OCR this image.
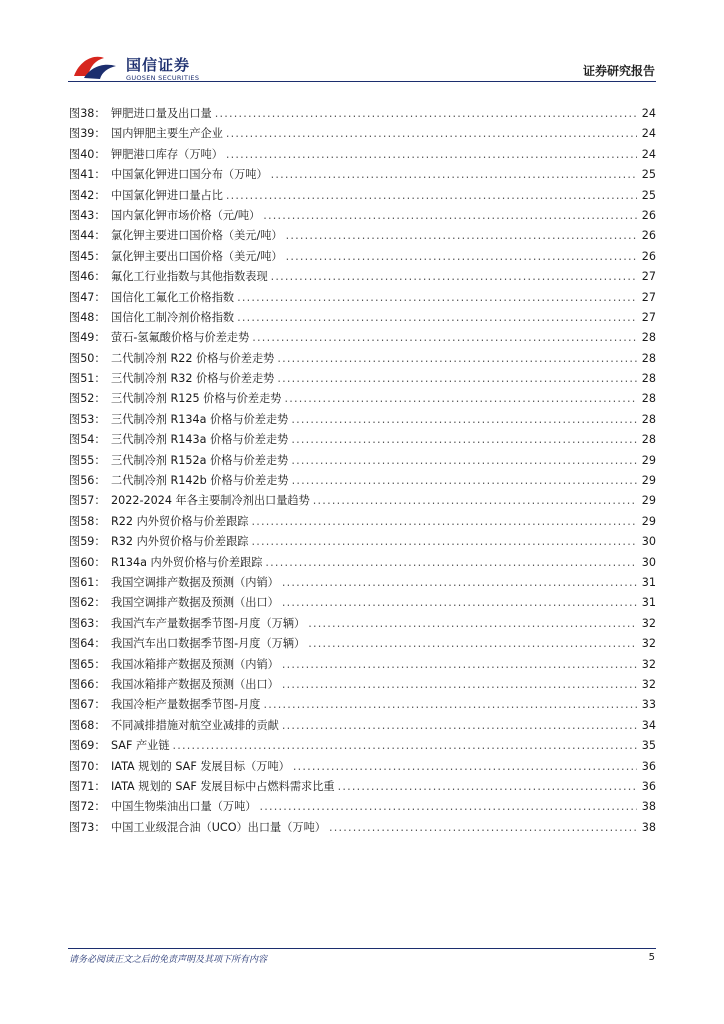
国信证券
GUOSEN SECURITIES	证券研究报告
图38： 钾肥进口量及出口量 .....	24
图39： 国内钾肥主要生产企业 .....	24
图40： 钾肥港口库存（万吨） .....	24
图41： 中国氯化钾进口国分布（万吨） .....	25
图42： 中国氯化钾进口量占比 .....	25
图43： 国内氯化钾市场价格（元/吨） .....	26
图44： 氯化钾主要进口国价格（美元/吨） .....	26
图45： 氯化钾主要出口国价格（美元/吨） .....	26
图46： 氟化工行业指数与其他指数表现 .....	27
图47： 国信化工氟化工价格指数 .....	27
图48： 国信化工制冷剂价格指数 .....	27
图49： 萤石-氢氟酸价格与价差走势 .....	28
图50： 二代制冷剂 R22 价格与价差走势 .....	28
图51： 三代制冷剂 R32 价格与价差走势 .....	28
图52： 三代制冷剂 R125 价格与价差走势 .....	28
图53： 三代制冷剂 R134a 价格与价差走势 .....	28
图54： 三代制冷剂 R143a 价格与价差走势 .....	28
图55： 三代制冷剂 R152a 价格与价差走势 .....	29
图56： 二代制冷剂 R142b 价格与价差走势 .....	29
图57： 2022-2024 年各主要制冷剂出口量趋势 .....	29
图58： R22 内外贸价格与价差跟踪 .....	29
图59： R32 内外贸价格与价差跟踪 .....	30
图60： R134a 内外贸价格与价差跟踪 .....	30
图61： 我国空调排产数据及预测（内销） .....	31
图62： 我国空调排产数据及预测（出口） .....	31
图63： 我国汽车产量数据季节图-月度（万辆） .....	32
图64： 我国汽车出口数据季节图-月度（万辆） .....	32
图65： 我国冰箱排产数据及预测（内销） .....	32
图66： 我国冰箱排产数据及预测（出口） .....	32
图67： 我国冷柜产量数据季节图-月度 .....	33
图68： 不同减排措施对航空业减排的贡献 .....	34
图69： SAF 产业链 .....	35
图70： IATA 规划的 SAF 发展目标（万吨） .....	36
图71： IATA 规划的 SAF 发展目标中占燃料需求比重 .....	36
图72： 中国生物柴油出口量（万吨） .....	38
图73： 中国工业级混合油（UCO）出口量（万吨） .....	38
请务必阅读正文之后的免责声明及其项下所有内容	5
